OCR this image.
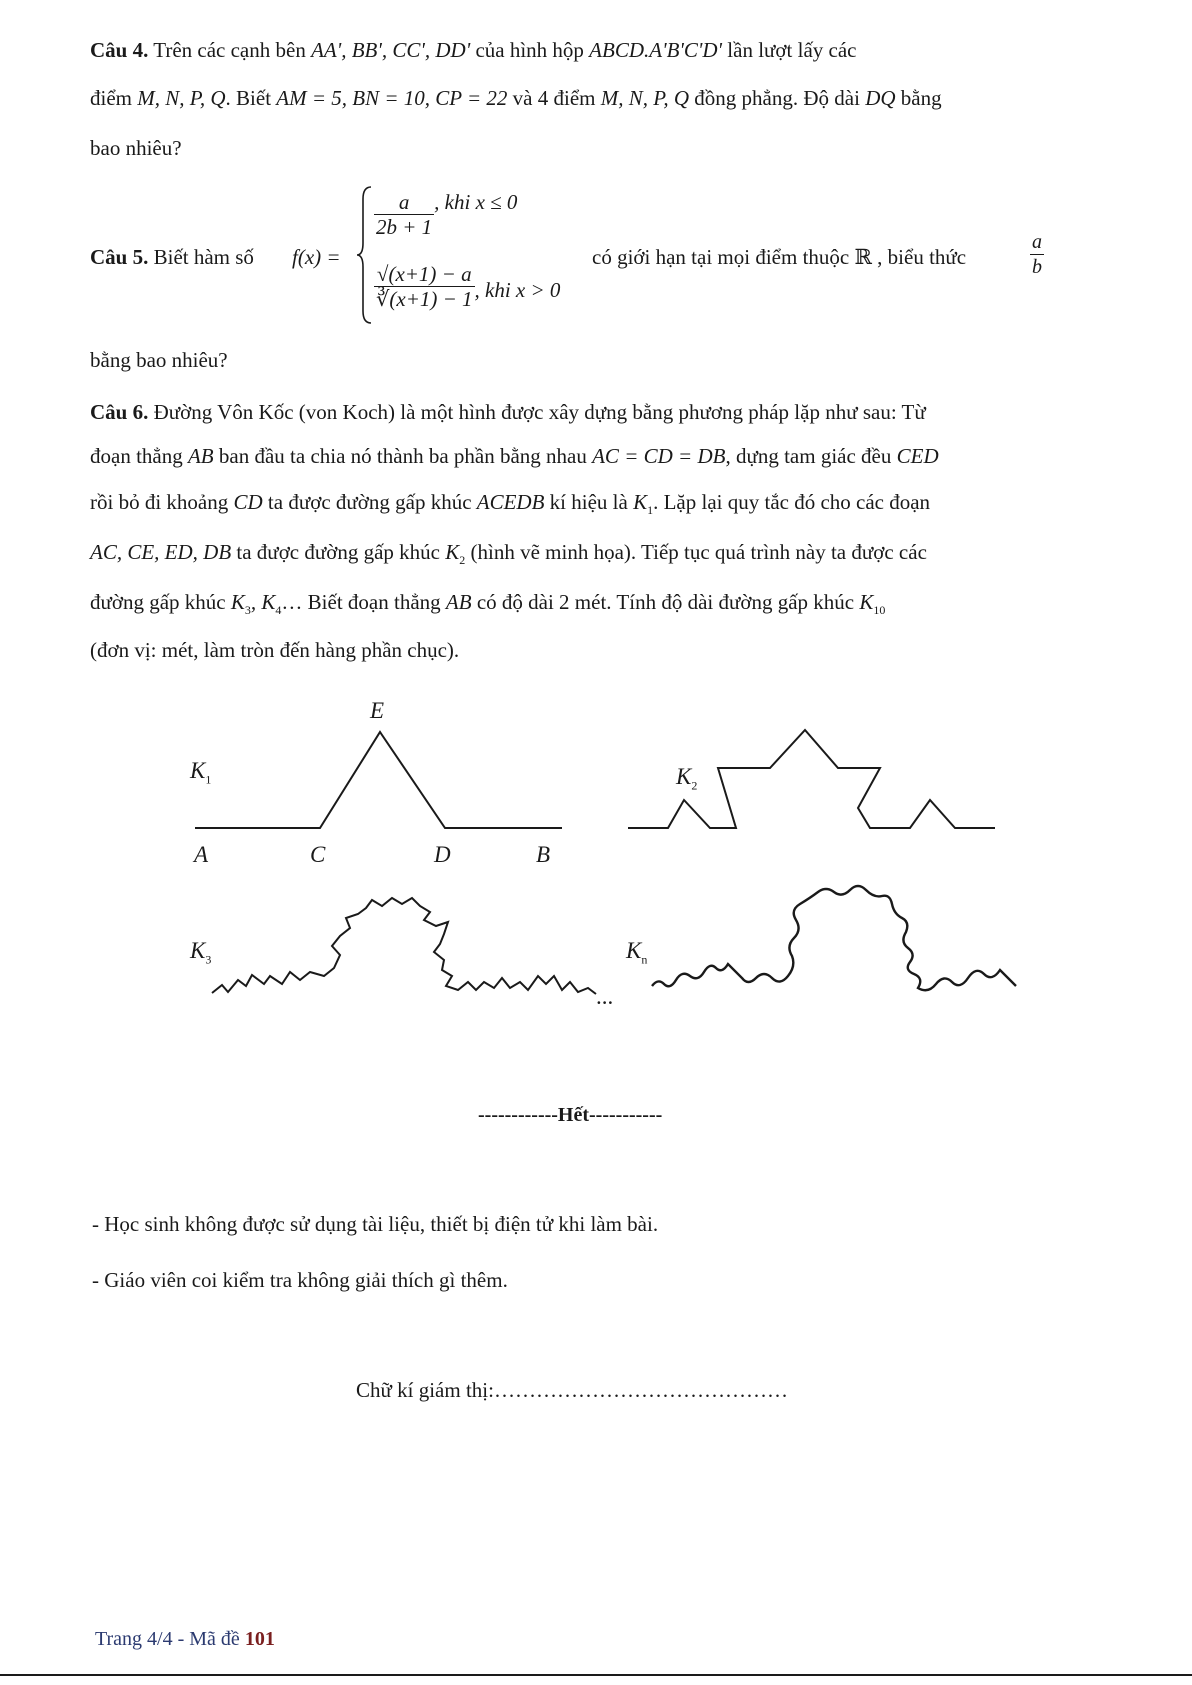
Câu 4. Trên các cạnh bên AA', BB', CC', DD' của hình hộp ABCD.A'B'C'D' lần lượt lấy các
điểm M, N, P, Q. Biết AM = 5, BN = 10, CP = 22 và 4 điểm M, N, P, Q đồng phẳng. Độ dài DQ bằng
bao nhiêu?
Câu 5. Biết hàm số f(x) =
$\frac{a}{2b + 1}$ , khi x ≤ 0
$\frac{√(x+1) - a}{∛(x+1) - 1}$ , khi x > 0
có giới hạn tại mọi điểm thuộc ℝ , biểu thức	$\frac{a}{b}$
bằng bao nhiêu?
Câu 6. Đường Vôn Kốc (von Koch) là một hình được xây dựng bằng phương pháp lặp như sau: Từ
đoạn thẳng AB ban đầu ta chia nó thành ba phần bằng nhau AC = CD = DB, dựng tam giác đều CED
rồi bỏ đi khoảng CD ta được đường gấp khúc ACEDB kí hiệu là $K_1$. Lặp lại quy tắc đó cho các đoạn
AC, CE, ED, DB ta được đường gấp khúc $K_2$ (hình vẽ minh họa). Tiếp tục quá trình này ta được các
đường gấp khúc $K_3$, $K_4\dots$ Biết đoạn thẳng AB có độ dài 2 mét. Tính độ dài đường gấp khúc $K_{10}$
(đơn vị: mét, làm tròn đến hàng phần chục).
$K_1$
E
A	C	D	B
$K_2$
$K_3$	$K_n$
...
------------Hết-----------
- Học sinh không được sử dụng tài liệu, thiết bị điện tử khi làm bài.
- Giáo viên coi kiểm tra không giải thích gì thêm.
Chữ kí giám thị:……………………………………
Trang 4/4 - Mã đề 101
